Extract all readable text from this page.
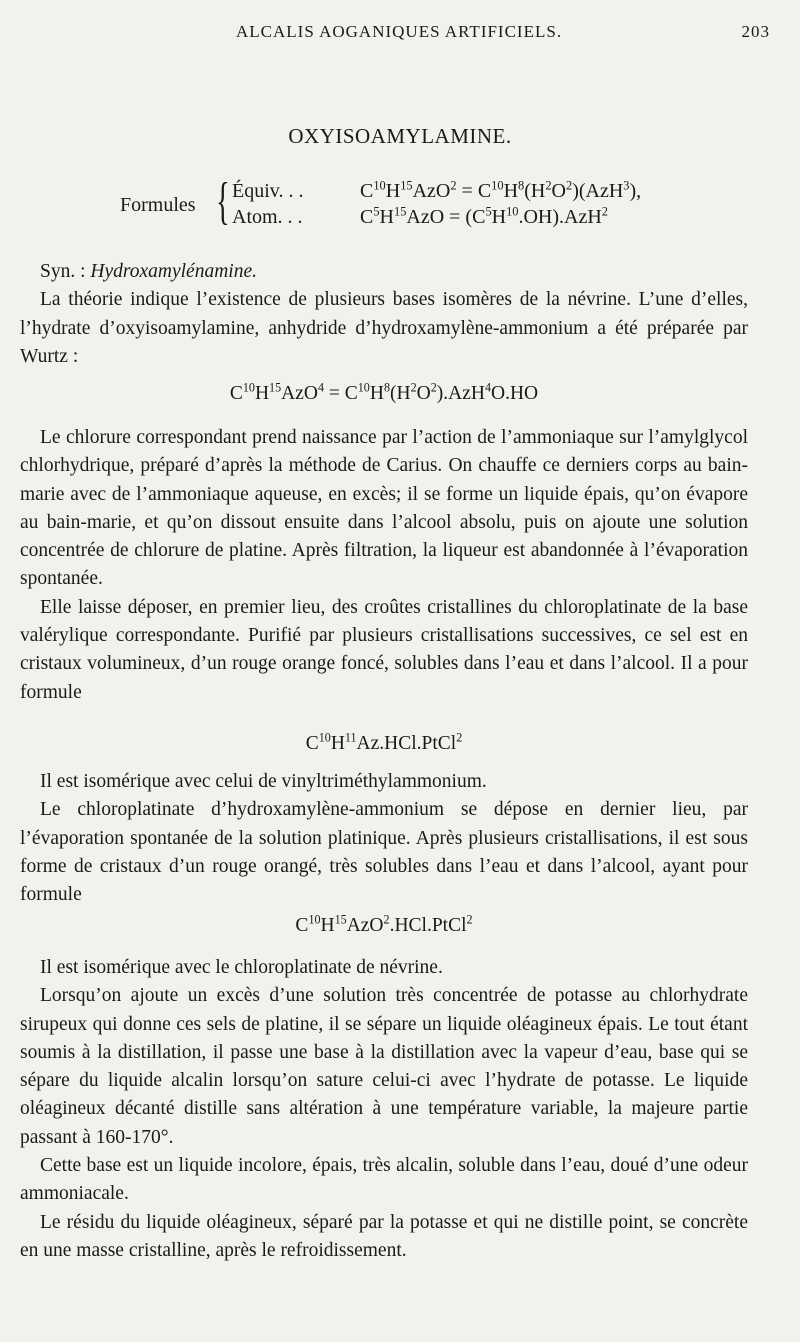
ALCALIS AOGANIQUES ARTIFICIELS.	203
OXYISOAMYLAMINE.
Formules { Équiv. . .	$C^{10}H^{15}AzO^2 = C^{10}H^8(H^2O^2)(AzH^3)$,
Atom. . .	$C^5H^{15}AzO = (C^5H^{10}.OH).AzH^2$

Syn. : Hydroxamylénamine.

La théorie indique l’existence de plusieurs bases isomères de la névrine. L’une d’elles, l’hydrate d’oxyisoamylamine, anhydride d’hydroxamylène-ammonium a été préparée par Wurtz :

$C^{10}H^{15}AzO^4 = C^{10}H^8(H^2O^2).AzH^4O.HO$

Le chlorure correspondant prend naissance par l’action de l’ammoniaque sur l’amylglycol chlorhydrique, préparé d’après la méthode de Carius. On chauffe ce derniers corps au bain-marie avec de l’ammoniaque aqueuse, en excès; il se forme un liquide épais, qu’on évapore au bain-marie, et qu’on dissout ensuite dans l’alcool absolu, puis on ajoute une solution concentrée de chlorure de platine. Après filtration, la liqueur est abandonnée à l’évaporation spontanée.

Elle laisse déposer, en premier lieu, des croûtes cristallines du chloroplatinate de la base valérylique correspondante. Purifié par plusieurs cristallisations successives, ce sel est en cristaux volumineux, d’un rouge orange foncé, solubles dans l’eau et dans l’alcool. Il a pour formule

$C^{10}H^{11}Az.HCl.PtCl^2$

Il est isomérique avec celui de vinyltriméthylammonium.

Le chloroplatinate d’hydroxamylène-ammonium se dépose en dernier lieu, par l’évaporation spontanée de la solution platinique. Après plusieurs cristallisations, il est sous forme de cristaux d’un rouge orangé, très solubles dans l’eau et dans l’alcool, ayant pour formule

$C^{10}H^{15}AzO^2.HCl.PtCl^2$

Il est isomérique avec le chloroplatinate de névrine.

Lorsqu’on ajoute un excès d’une solution très concentrée de potasse au chlorhydrate sirupeux qui donne ces sels de platine, il se sépare un liquide oléagineux épais. Le tout étant soumis à la distillation, il passe une base à la distillation avec la vapeur d’eau, base qui se sépare du liquide alcalin lorsqu’on sature celui-ci avec l’hydrate de potasse. Le liquide oléagineux décanté distille sans altération à une température variable, la majeure partie passant à 160-170°.

Cette base est un liquide incolore, épais, très alcalin, soluble dans l’eau, doué d’une odeur ammoniacale.

Le résidu du liquide oléagineux, séparé par la potasse et qui ne distille point, se concrète en une masse cristalline, après le refroidissement.
